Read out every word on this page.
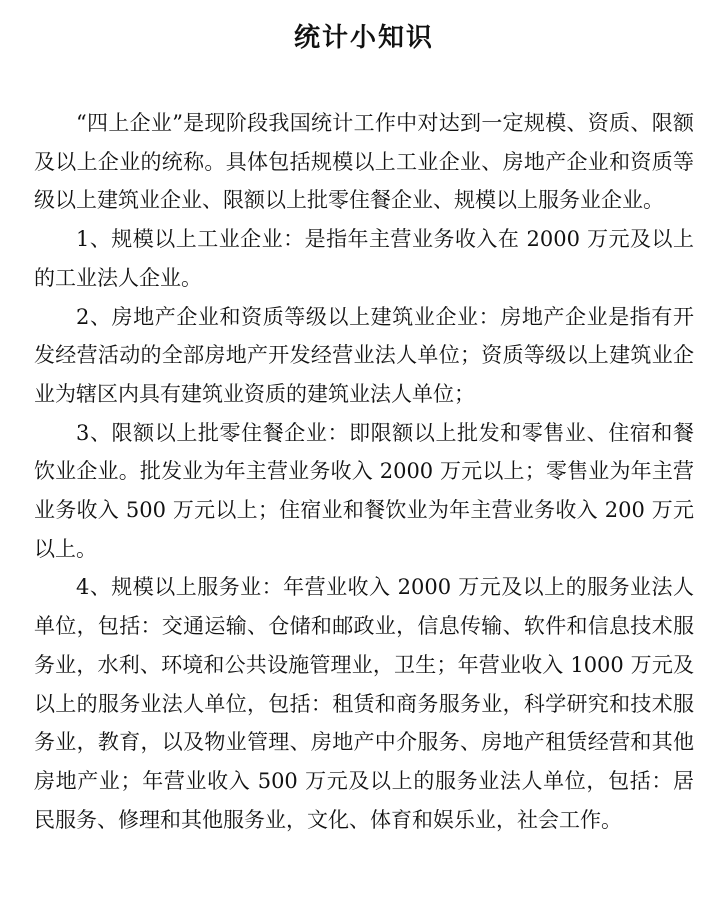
统计小知识

“四上企业”是现阶段我国统计工作中对达到一定规模、资质、限额及以上企业的统称。具体包括规模以上工业企业、房地产企业和资质等级以上建筑业企业、限额以上批零住餐企业、规模以上服务业企业。

1、规模以上工业企业：是指年主营业务收入在 2000 万元及以上的工业法人企业。

2、房地产企业和资质等级以上建筑业企业：房地产企业是指有开发经营活动的全部房地产开发经营业法人单位；资质等级以上建筑业企业为辖区内具有建筑业资质的建筑业法人单位；

3、限额以上批零住餐企业：即限额以上批发和零售业、住宿和餐饮业企业。批发业为年主营业务收入 2000 万元以上；零售业为年主营业务收入 500 万元以上；住宿业和餐饮业为年主营业务收入 200 万元以上。

4、规模以上服务业：年营业收入 2000 万元及以上的服务业法人单位，包括：交通运输、仓储和邮政业，信息传输、软件和信息技术服务业，水利、环境和公共设施管理业，卫生；年营业收入 1000 万元及以上的服务业法人单位，包括：租赁和商务服务业，科学研究和技术服务业，教育，以及物业管理、房地产中介服务、房地产租赁经营和其他房地产业；年营业收入 500 万元及以上的服务业法人单位，包括：居民服务、修理和其他服务业，文化、体育和娱乐业，社会工作。
